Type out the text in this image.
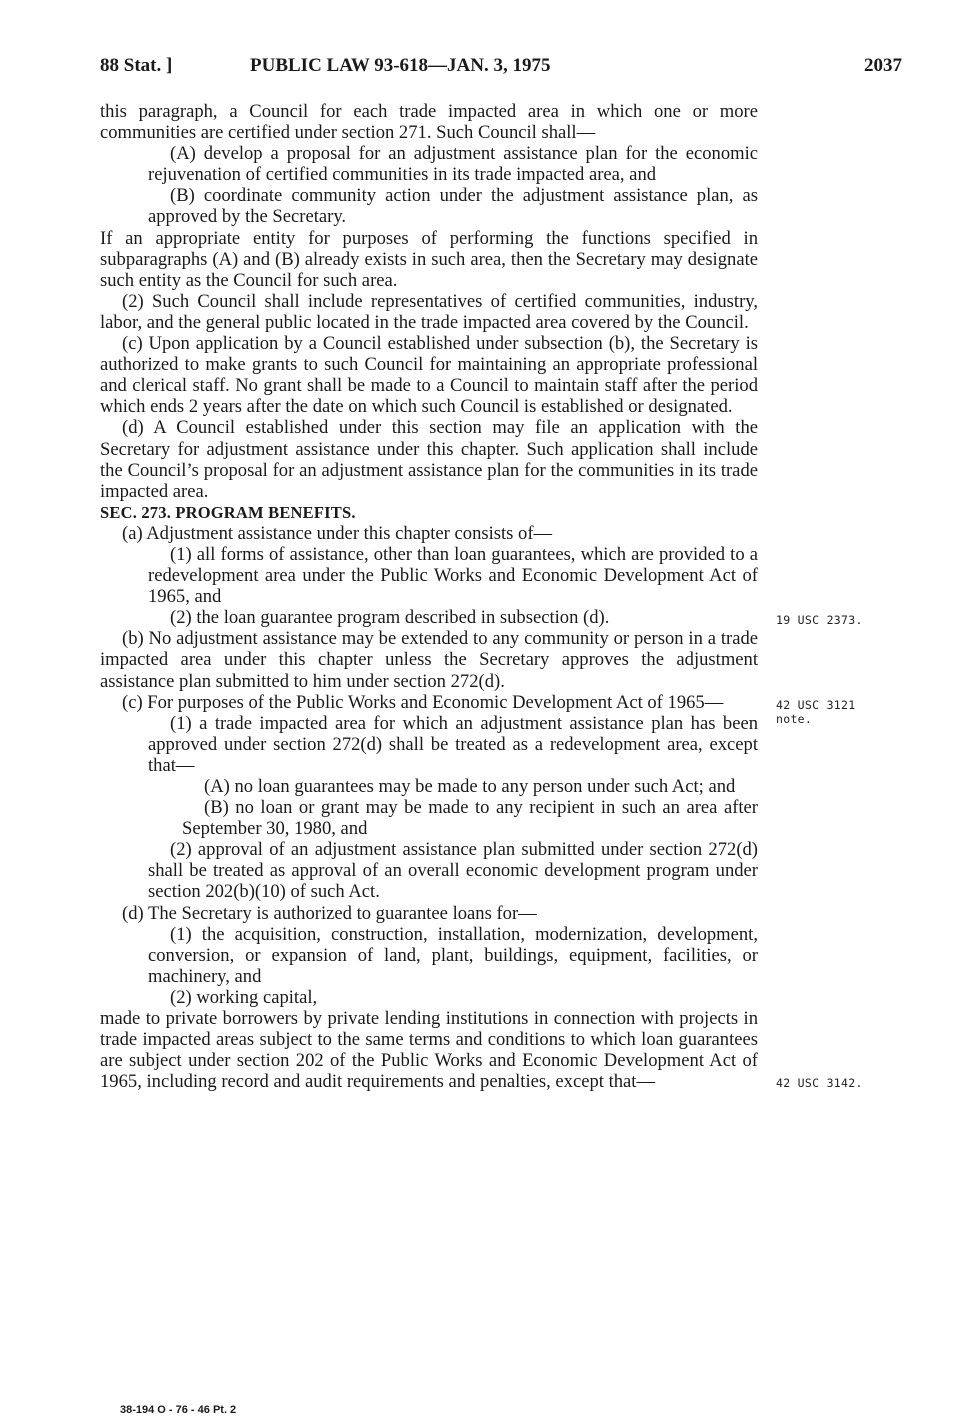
88 Stat. ]	PUBLIC LAW 93-618—JAN. 3, 1975	2037

this paragraph, a Council for each trade impacted area in which one or more communities are certified under section 271. Such Council shall—

(A) develop a proposal for an adjustment assistance plan for the economic rejuvenation of certified communities in its trade impacted area, and

(B) coordinate community action under the adjustment assistance plan, as approved by the Secretary.

If an appropriate entity for purposes of performing the functions specified in subparagraphs (A) and (B) already exists in such area, then the Secretary may designate such entity as the Council for such area.

(2) Such Council shall include representatives of certified communities, industry, labor, and the general public located in the trade impacted area covered by the Council.

(c) Upon application by a Council established under subsection (b), the Secretary is authorized to make grants to such Council for maintaining an appropriate professional and clerical staff. No grant shall be made to a Council to maintain staff after the period which ends 2 years after the date on which such Council is established or designated.

(d) A Council established under this section may file an application with the Secretary for adjustment assistance under this chapter. Such application shall include the Council’s proposal for an adjustment assistance plan for the communities in its trade impacted area.

SEC. 273. PROGRAM BENEFITS.

(a) Adjustment assistance under this chapter consists of—

(1) all forms of assistance, other than loan guarantees, which are provided to a redevelopment area under the Public Works and Economic Development Act of 1965, and

(2) the loan guarantee program described in subsection (d).

(b) No adjustment assistance may be extended to any community or person in a trade impacted area under this chapter unless the Secretary approves the adjustment assistance plan submitted to him under section 272(d).

(c) For purposes of the Public Works and Economic Development Act of 1965—

(1) a trade impacted area for which an adjustment assistance plan has been approved under section 272(d) shall be treated as a redevelopment area, except that—

(A) no loan guarantees may be made to any person under such Act; and

(B) no loan or grant may be made to any recipient in such an area after September 30, 1980, and

(2) approval of an adjustment assistance plan submitted under section 272(d) shall be treated as approval of an overall economic development program under section 202(b)(10) of such Act.

(d) The Secretary is authorized to guarantee loans for—

(1) the acquisition, construction, installation, modernization, development, conversion, or expansion of land, plant, buildings, equipment, facilities, or machinery, and

(2) working capital,

made to private borrowers by private lending institutions in connection with projects in trade impacted areas subject to the same terms and conditions to which loan guarantees are subject under section 202 of the Public Works and Economic Development Act of 1965, including record and audit requirements and penalties, except that—

19 USC 2373.
42 USC 3121 note.
42 USC 3142.
38-194 O - 76 - 46 Pt. 2
